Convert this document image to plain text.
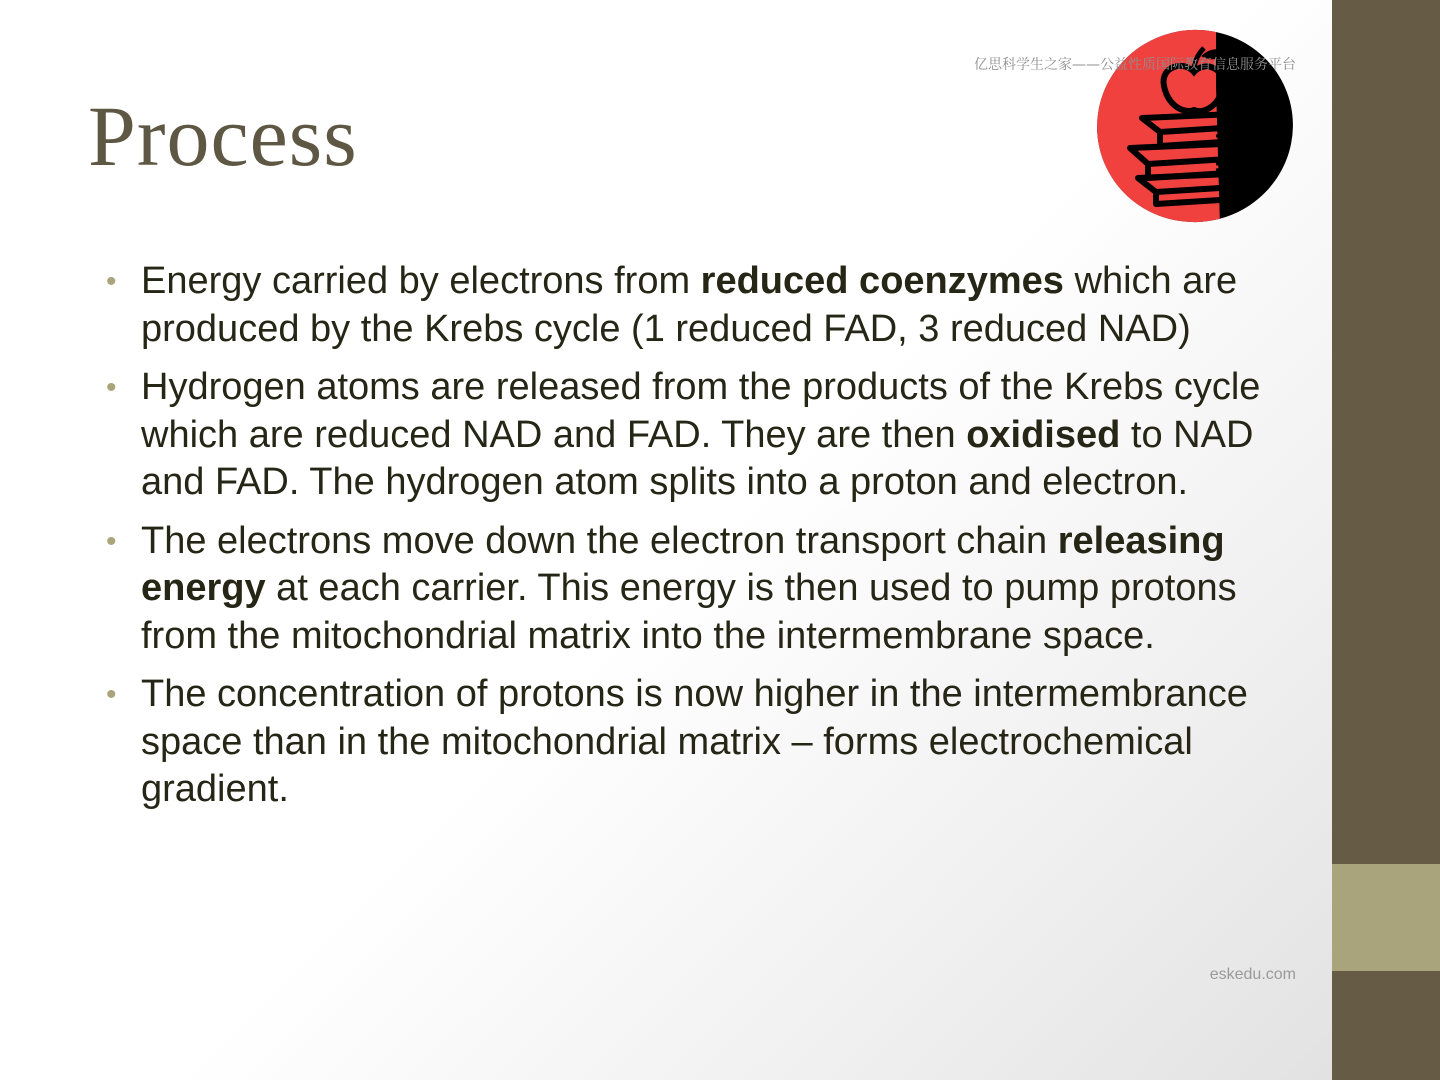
Process
亿思科学生之家——公益性质国际教育信息服务平台
• Energy carried by electrons from reduced coenzymes which are produced by the Krebs cycle (1 reduced FAD, 3 reduced NAD)
• Hydrogen atoms are released from the products of the Krebs cycle which are reduced NAD and FAD. They are then oxidised to NAD and FAD. The hydrogen atom splits into a proton and electron.
• The electrons move down the electron transport chain releasing energy at each carrier. This energy is then used to pump protons from the mitochondrial matrix into the intermembrane space.
• The concentration of protons is now higher in the intermembrance space than in the mitochondrial matrix – forms electrochemical gradient.
eskedu.com
